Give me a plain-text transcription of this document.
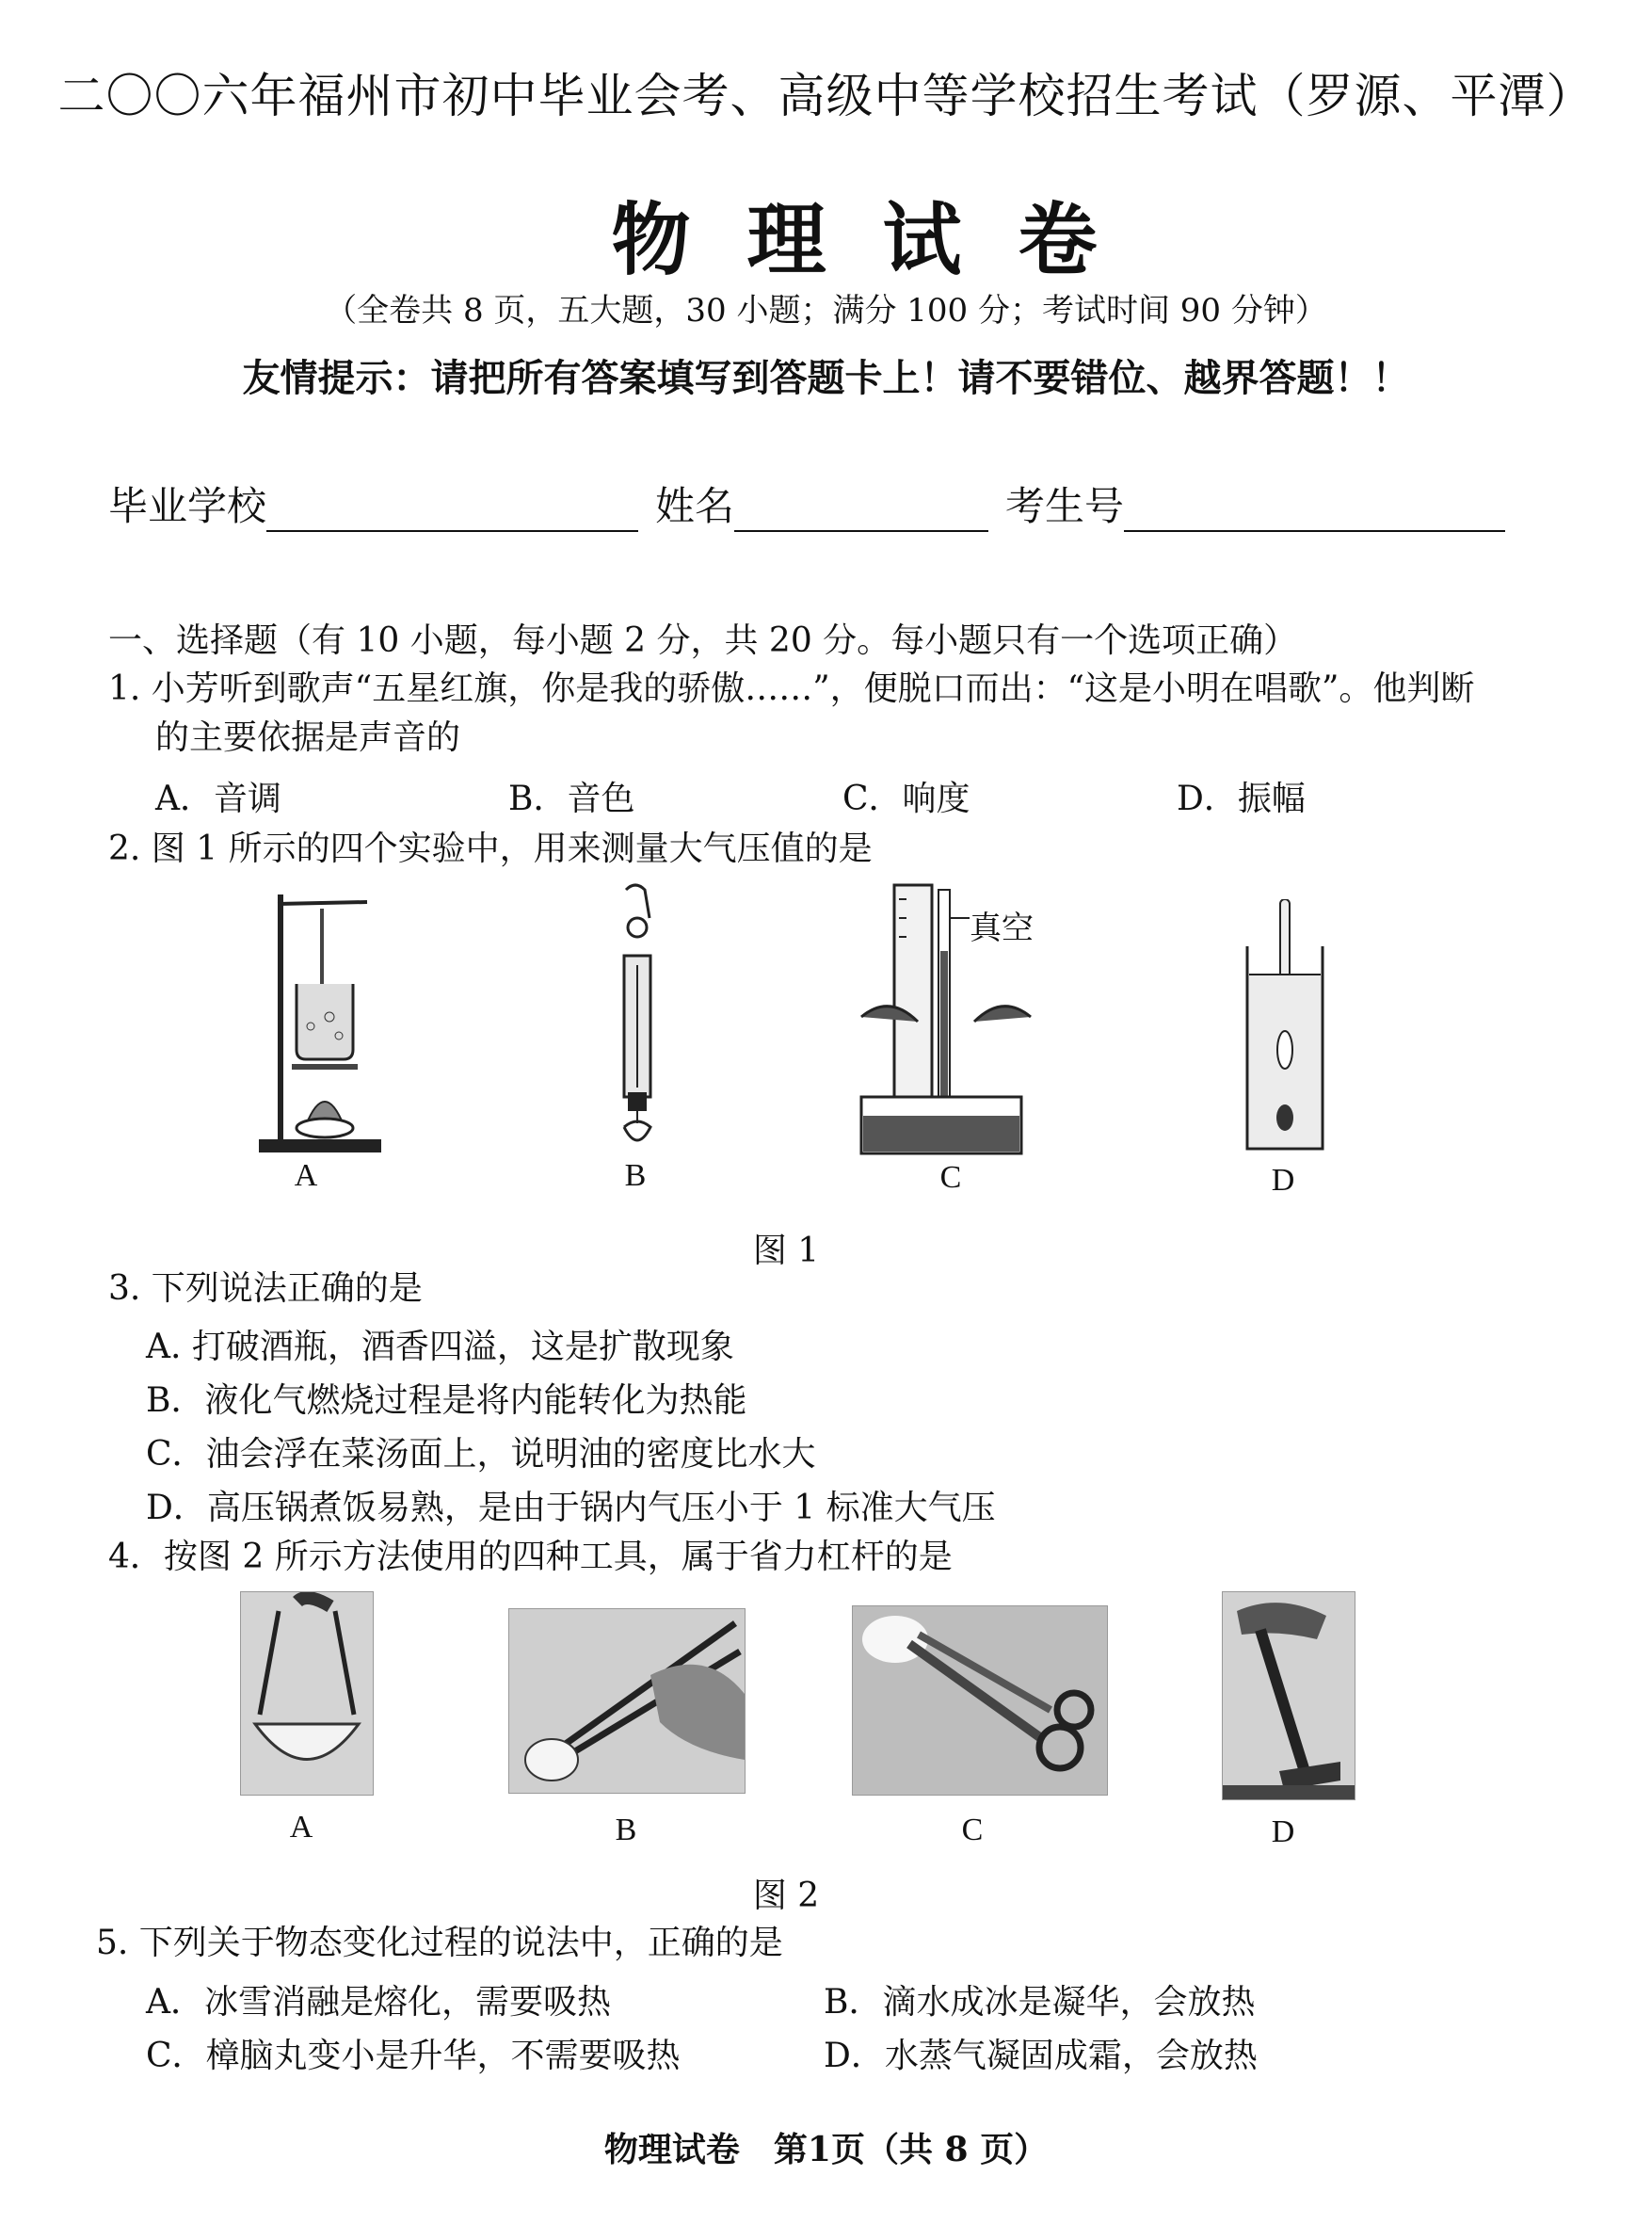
二〇〇六年福州市初中毕业会考、高级中等学校招生考试（罗源、平潭）
物理试卷
（全卷共 8 页，五大题，30 小题；满分 100 分；考试时间 90 分钟）
友情提示：请把所有答案填写到答题卡上！请不要错位、越界答题！！
毕业学校	姓名	考生号
一、选择题（有 10 小题，每小题 2 分，共 20 分。每小题只有一个选项正确）
1. 小芳听到歌声“五星红旗，你是我的骄傲……”，便脱口而出：“这是小明在唱歌”。他判断
的主要依据是声音的
A．音调	B．音色	C．响度	D．振幅
2. 图 1 所示的四个实验中，用来测量大气压值的是
A	B
真空
C	D
图 1
3. 下列说法正确的是
A. 打破酒瓶，酒香四溢，这是扩散现象
B．液化气燃烧过程是将内能转化为热能
C．油会浮在菜汤面上，说明油的密度比水大
D．高压锅煮饭易熟，是由于锅内气压小于 1 标准大气压
4．按图 2 所示方法使用的四种工具，属于省力杠杆的是
A	B	C	D
图 2
5. 下列关于物态变化过程的说法中，正确的是
A．冰雪消融是熔化，需要吸热	B．滴水成冰是凝华，会放热
C．樟脑丸变小是升华，不需要吸热	D．水蒸气凝固成霜，会放热
物理试卷　第1页（共 8 页）
